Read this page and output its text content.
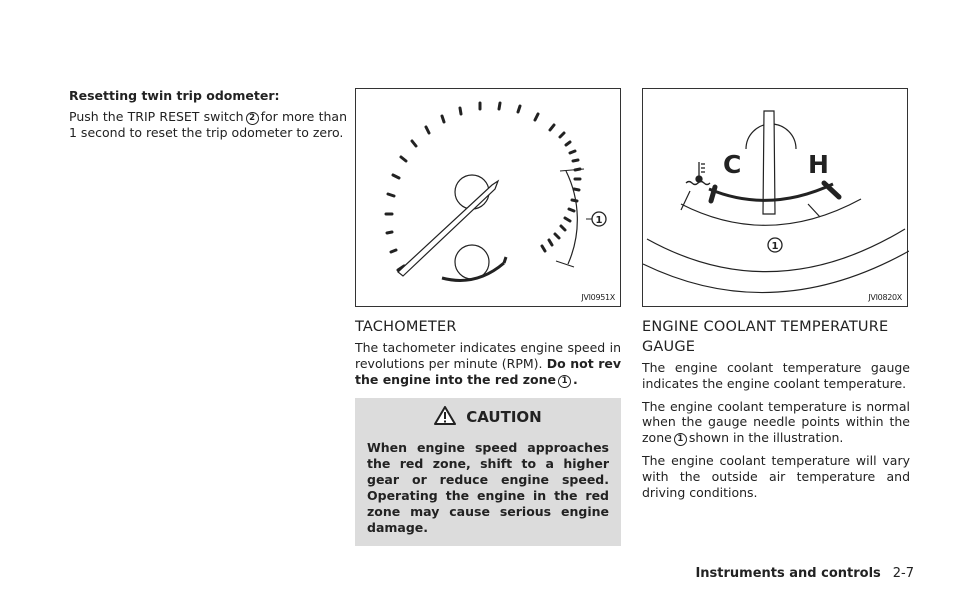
Resetting twin trip odometer:

Push the TRIP RESET switch 2 for more than 1 second to reset the trip odometer to zero.

1
JVI0951X
TACHOMETER

The tachometer indicates engine speed in revolutions per minute (RPM). Do not rev the engine into the red zone 1 .

CAUTION
When engine speed approaches the red zone, shift to a higher gear or reduce engine speed. Operating the engine in the red zone may cause serious engine damage.
C	H
1
JVI0820X
ENGINE COOLANT TEMPERATURE GAUGE

The engine coolant temperature gauge indicates the engine coolant temperature.

The engine coolant temperature is normal when the gauge needle points within the zone 1 shown in the illustration.

The engine coolant temperature will vary with the outside air temperature and driving conditions.

Instruments and controls 2-7
